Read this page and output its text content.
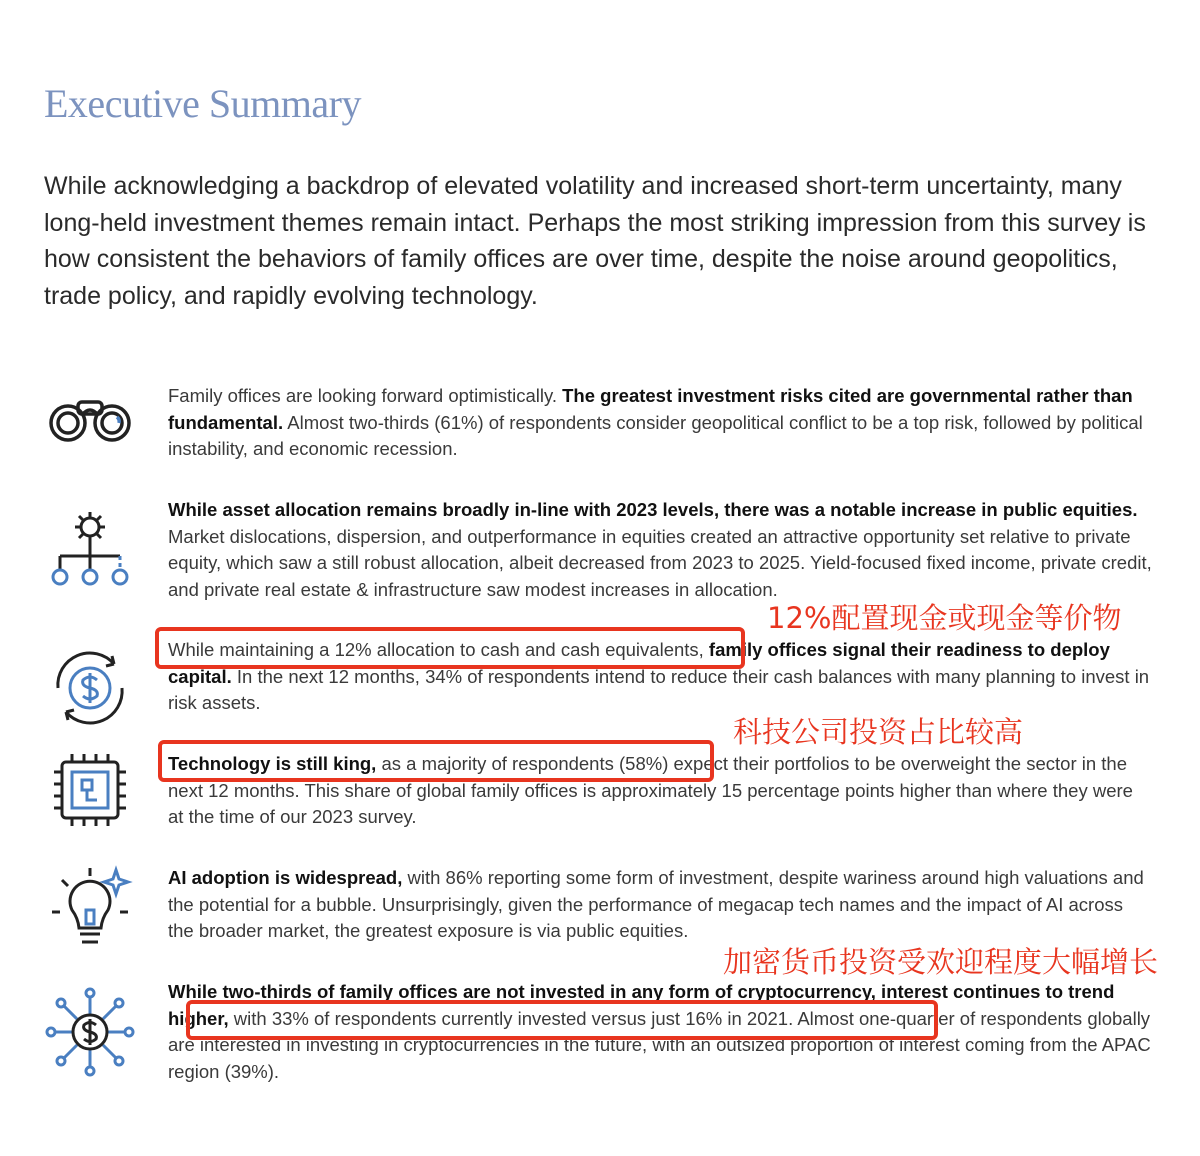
Executive Summary
While acknowledging a backdrop of elevated volatility and increased short-term uncertainty, many long-held investment themes remain intact. Perhaps the most striking impression from this survey is how consistent the behaviors of family offices are over time, despite the noise around geopolitics, trade policy, and rapidly evolving technology.
Family offices are looking forward optimistically. The greatest investment risks cited are governmental rather than fundamental. Almost two-thirds (61%) of respondents consider geopolitical conflict to be a top risk, followed by political instability, and economic recession.
While asset allocation remains broadly in-line with 2023 levels, there was a notable increase in public equities. Market dislocations, dispersion, and outperformance in equities created an attractive opportunity set relative to private equity, which saw a still robust allocation, albeit decreased from 2023 to 2025. Yield-focused fixed income, private credit, and private real estate & infrastructure saw modest increases in allocation.
While maintaining a 12% allocation to cash and cash equivalents, family offices signal their readiness to deploy capital. In the next 12 months, 34% of respondents intend to reduce their cash balances with many planning to invest in risk assets.
Technology is still king, as a majority of respondents (58%) expect their portfolios to be overweight the sector in the next 12 months. This share of global family offices is approximately 15 percentage points higher than where they were at the time of our 2023 survey.
AI adoption is widespread, with 86% reporting some form of investment, despite wariness around high valuations and the potential for a bubble. Unsurprisingly, given the performance of megacap tech names and the impact of AI across the broader market, the greatest exposure is via public equities.
While two-thirds of family offices are not invested in any form of cryptocurrency, interest continues to trend higher, with 33% of respondents currently invested versus just 16% in 2021. Almost one-quarter of respondents globally are interested in investing in cryptocurrencies in the future, with an outsized proportion of interest coming from the APAC region (39%).
12%配置现金或现金等价物
科技公司投资占比较高
加密货币投资受欢迎程度大幅增长
